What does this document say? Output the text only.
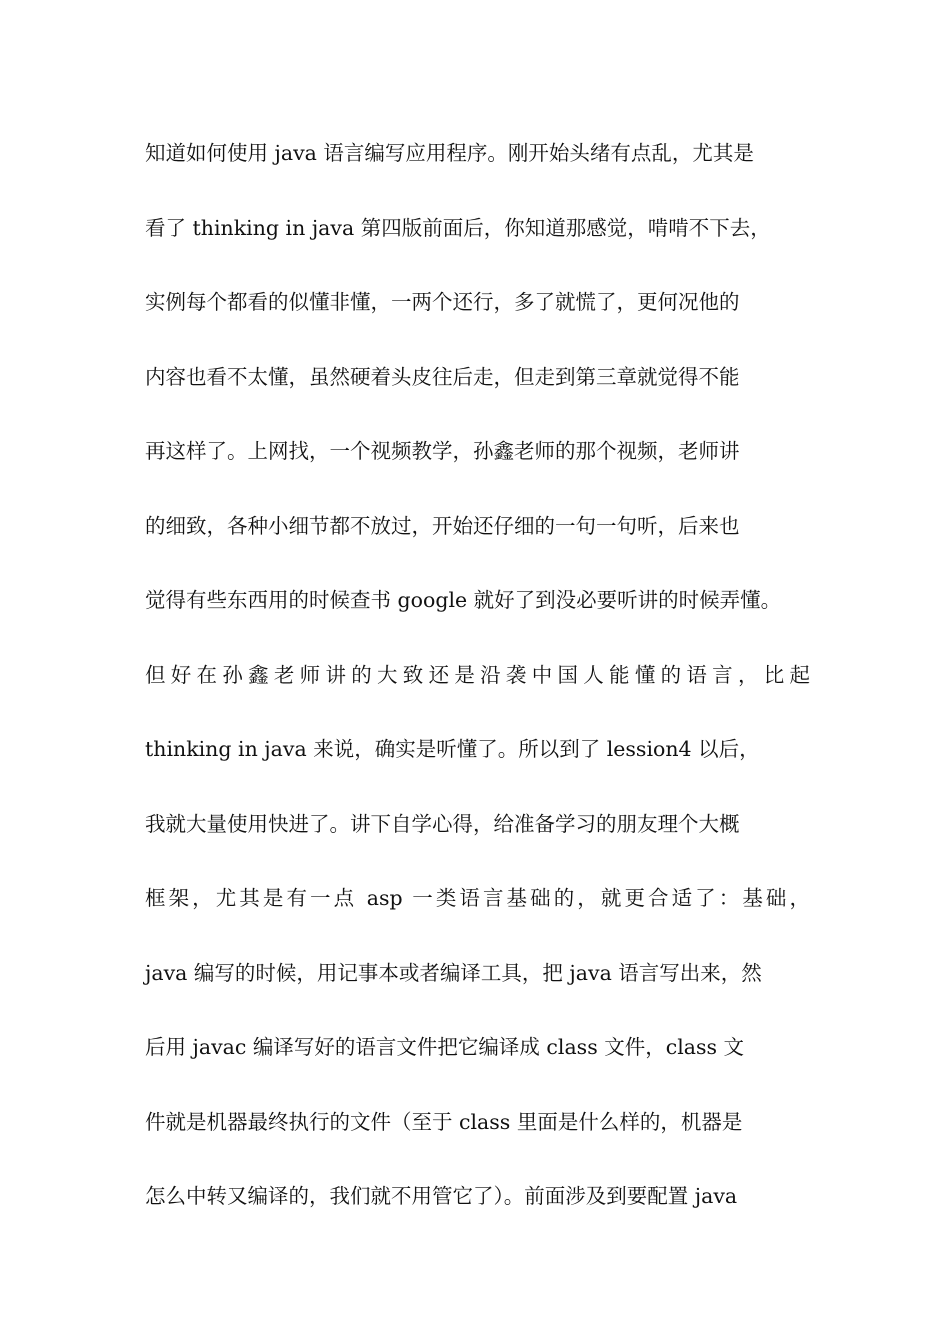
知道如何使用 java 语言编写应用程序。刚开始头绪有点乱，尤其是
看了 thinking in java 第四版前面后，你知道那感觉，啃啃不下去，
实例每个都看的似懂非懂，一两个还行，多了就慌了，更何况他的
内容也看不太懂，虽然硬着头皮往后走，但走到第三章就觉得不能
再这样了。上网找，一个视频教学，孙鑫老师的那个视频，老师讲
的细致，各种小细节都不放过，开始还仔细的一句一句听，后来也
觉得有些东西用的时候查书 google 就好了到没必要听讲的时候弄懂。
但好在孙鑫老师讲的大致还是沿袭中国人能懂的语言，比起
thinking in java 来说，确实是听懂了。所以到了 lession4 以后，
我就大量使用快进了。讲下自学心得，给准备学习的朋友理个大概
框架，尤其是有一点 asp 一类语言基础的，就更合适了：基础，
java 编写的时候，用记事本或者编译工具，把 java 语言写出来，然
后用 javac 编译写好的语言文件把它编译成 class 文件，class 文
件就是机器最终执行的文件（至于 class 里面是什么样的，机器是
怎么中转又编译的，我们就不用管它了）。前面涉及到要配置 java
